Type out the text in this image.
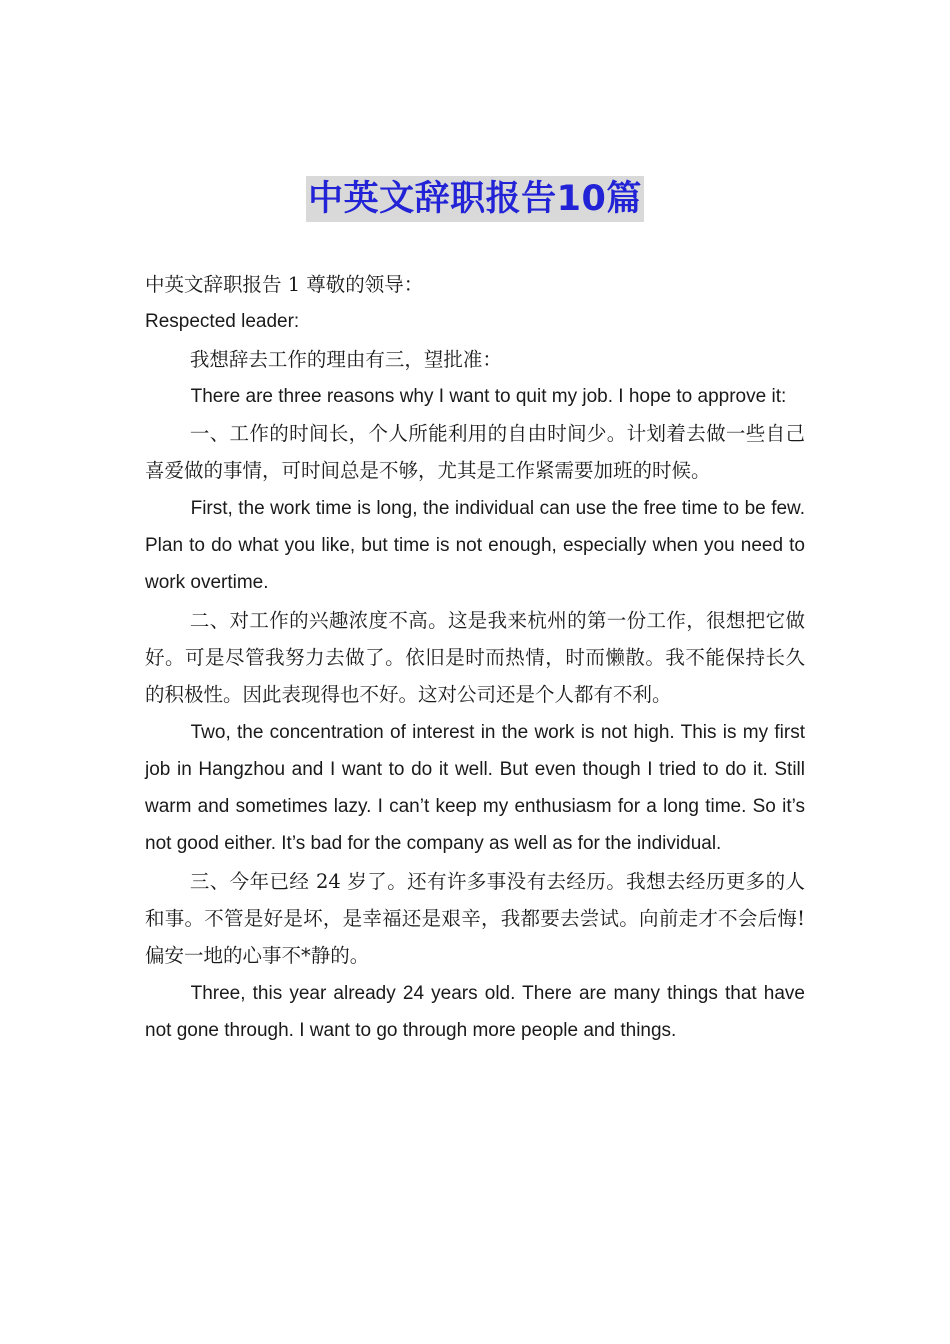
中英文辞职报告10篇

中英文辞职报告 1 尊敬的领导：

Respected leader:

我想辞去工作的理由有三，望批准：

There are three reasons why I want to quit my job. I hope to approve it:

一、工作的时间长，个人所能利用的自由时间少。计划着去做一些自己喜爱做的事情，可时间总是不够，尤其是工作紧需要加班的时候。

First, the work time is long, the individual can use the free time to be few. Plan to do what you like, but time is not enough, especially when you need to work overtime.

二、对工作的兴趣浓度不高。这是我来杭州的第一份工作，很想把它做好。可是尽管我努力去做了。依旧是时而热情，时而懒散。我不能保持长久的积极性。因此表现得也不好。这对公司还是个人都有不利。

Two, the concentration of interest in the work is not high. This is my first job in Hangzhou and I want to do it well. But even though I tried to do it. Still warm and sometimes lazy. I can’t keep my enthusiasm for a long time. So it’s not good either. It’s bad for the company as well as for the individual.

三、今年已经 24 岁了。还有许多事没有去经历。我想去经历更多的人和事。不管是好是坏，是幸福还是艰辛，我都要去尝试。向前走才不会后悔!偏安一地的心事不*静的。

Three, this year already 24 years old. There are many things that have not gone through. I want to go through more people and things.
